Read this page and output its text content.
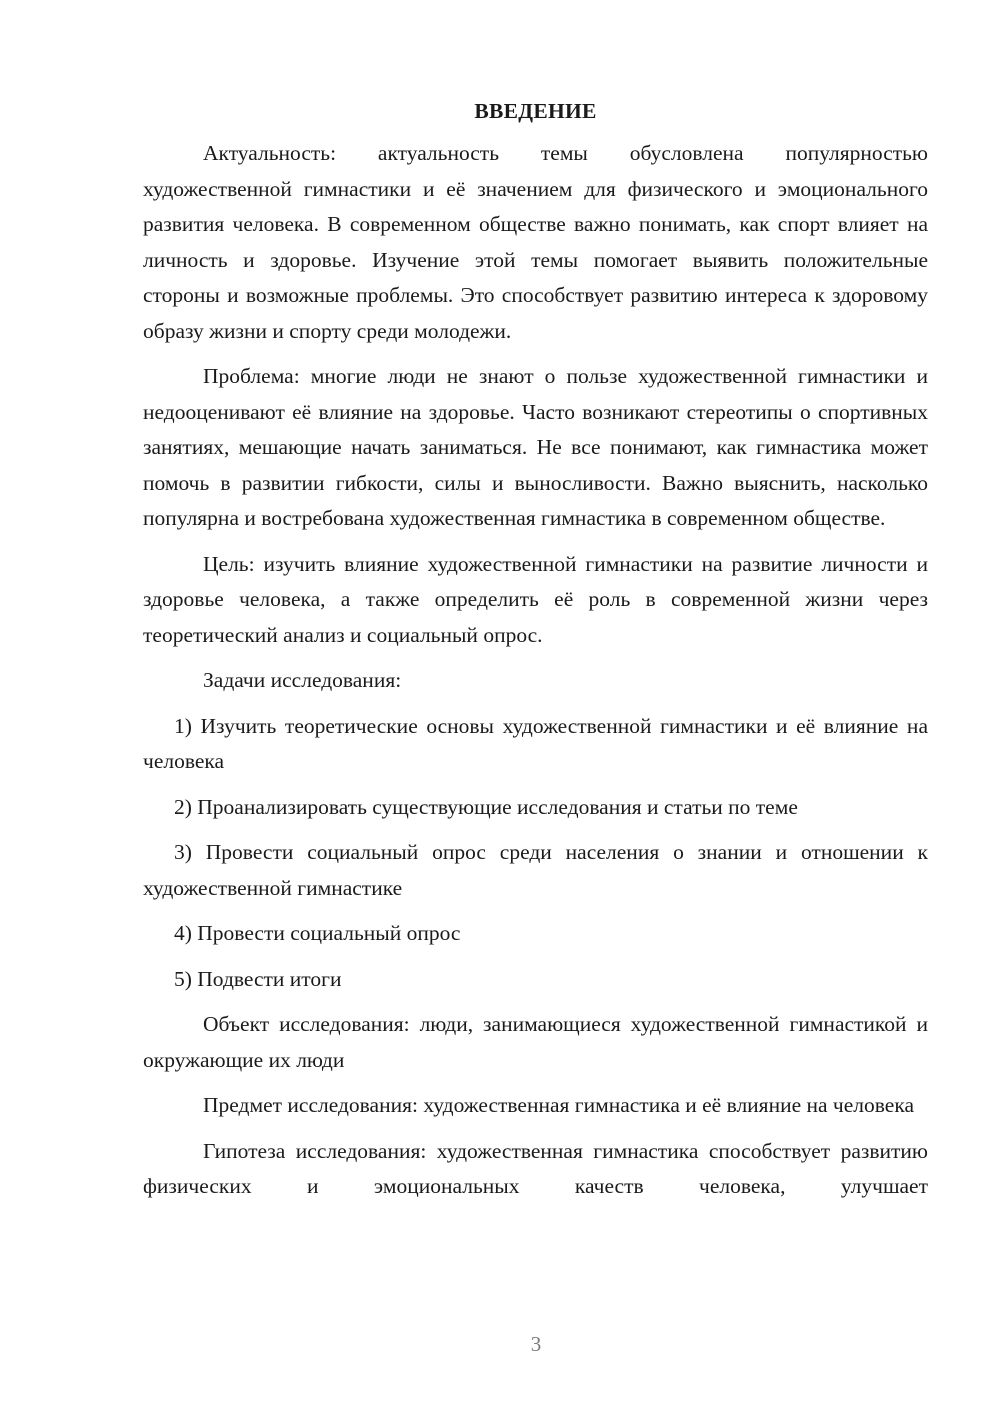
ВВЕДЕНИЕ

Актуальность: актуальность темы обусловлена популярностью художественной гимнастики и её значением для физического и эмоционального развития человека. В современном обществе важно понимать, как спорт влияет на личность и здоровье. Изучение этой темы помогает выявить положительные стороны и возможные проблемы. Это способствует развитию интереса к здоровому образу жизни и спорту среди молодежи.

Проблема: многие люди не знают о пользе художественной гимнастики и недооценивают её влияние на здоровье. Часто возникают стереотипы о спортивных занятиях, мешающие начать заниматься. Не все понимают, как гимнастика может помочь в развитии гибкости, силы и выносливости. Важно выяснить, насколько популярна и востребована художественная гимнастика в современном обществе.

Цель: изучить влияние художественной гимнастики на развитие личности и здоровье человека, а также определить её роль в современной жизни через теоретический анализ и социальный опрос.

Задачи исследования:

1) Изучить теоретические основы художественной гимнастики и её влияние на человека

2) Проанализировать существующие исследования и статьи по теме

3) Провести социальный опрос среди населения о знании и отношении к художественной гимнастике

4) Провести социальный опрос

5) Подвести итоги

Объект исследования: люди, занимающиеся художественной гимнастикой и окружающие их люди

Предмет исследования: художественная гимнастика и её влияние на человека

Гипотеза исследования: художественная гимнастика способствует развитию физических и эмоциональных качеств человека, улучшает

3
